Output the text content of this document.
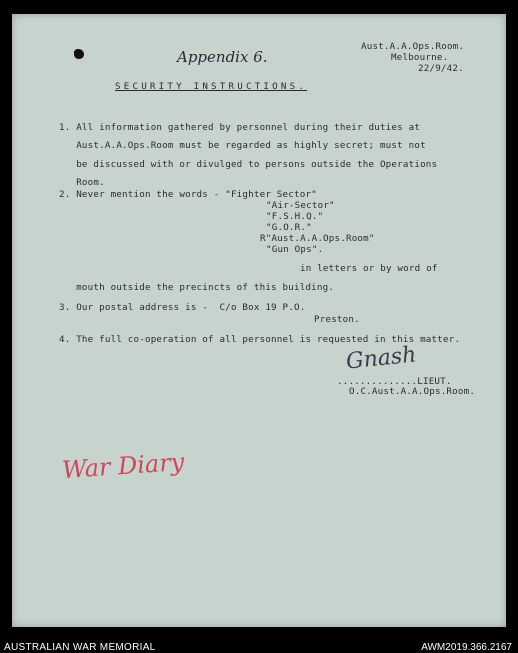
Appendix 6.
Aust.A.A.Ops.Room.
Melbourne.
22/9/42.
SECURITY INSTRUCTIONS.
1. All information gathered by personnel during their duties at
Aust.A.A.Ops.Room must be regarded as highly secret; must not
be discussed with or divulged to persons outside the Operations
Room.
2. Never mention the words - "Fighter Sector"
"Air-Sector"
"F.S.H.Q."
"G.O.R."
R"Aust.A.A.Ops.Room"
"Gun Ops".
in letters or by word of
mouth outside the precincts of this building.
3. Our postal address is -  C/o Box 19 P.O.
Preston.
4. The full co-operation of all personnel is requested in this matter.
Gnash
..............LIEUT.
O.C.Aust.A.A.Ops.Room.
War Diary
AUSTRALIAN WAR MEMORIAL	AWM2019.366.2167
